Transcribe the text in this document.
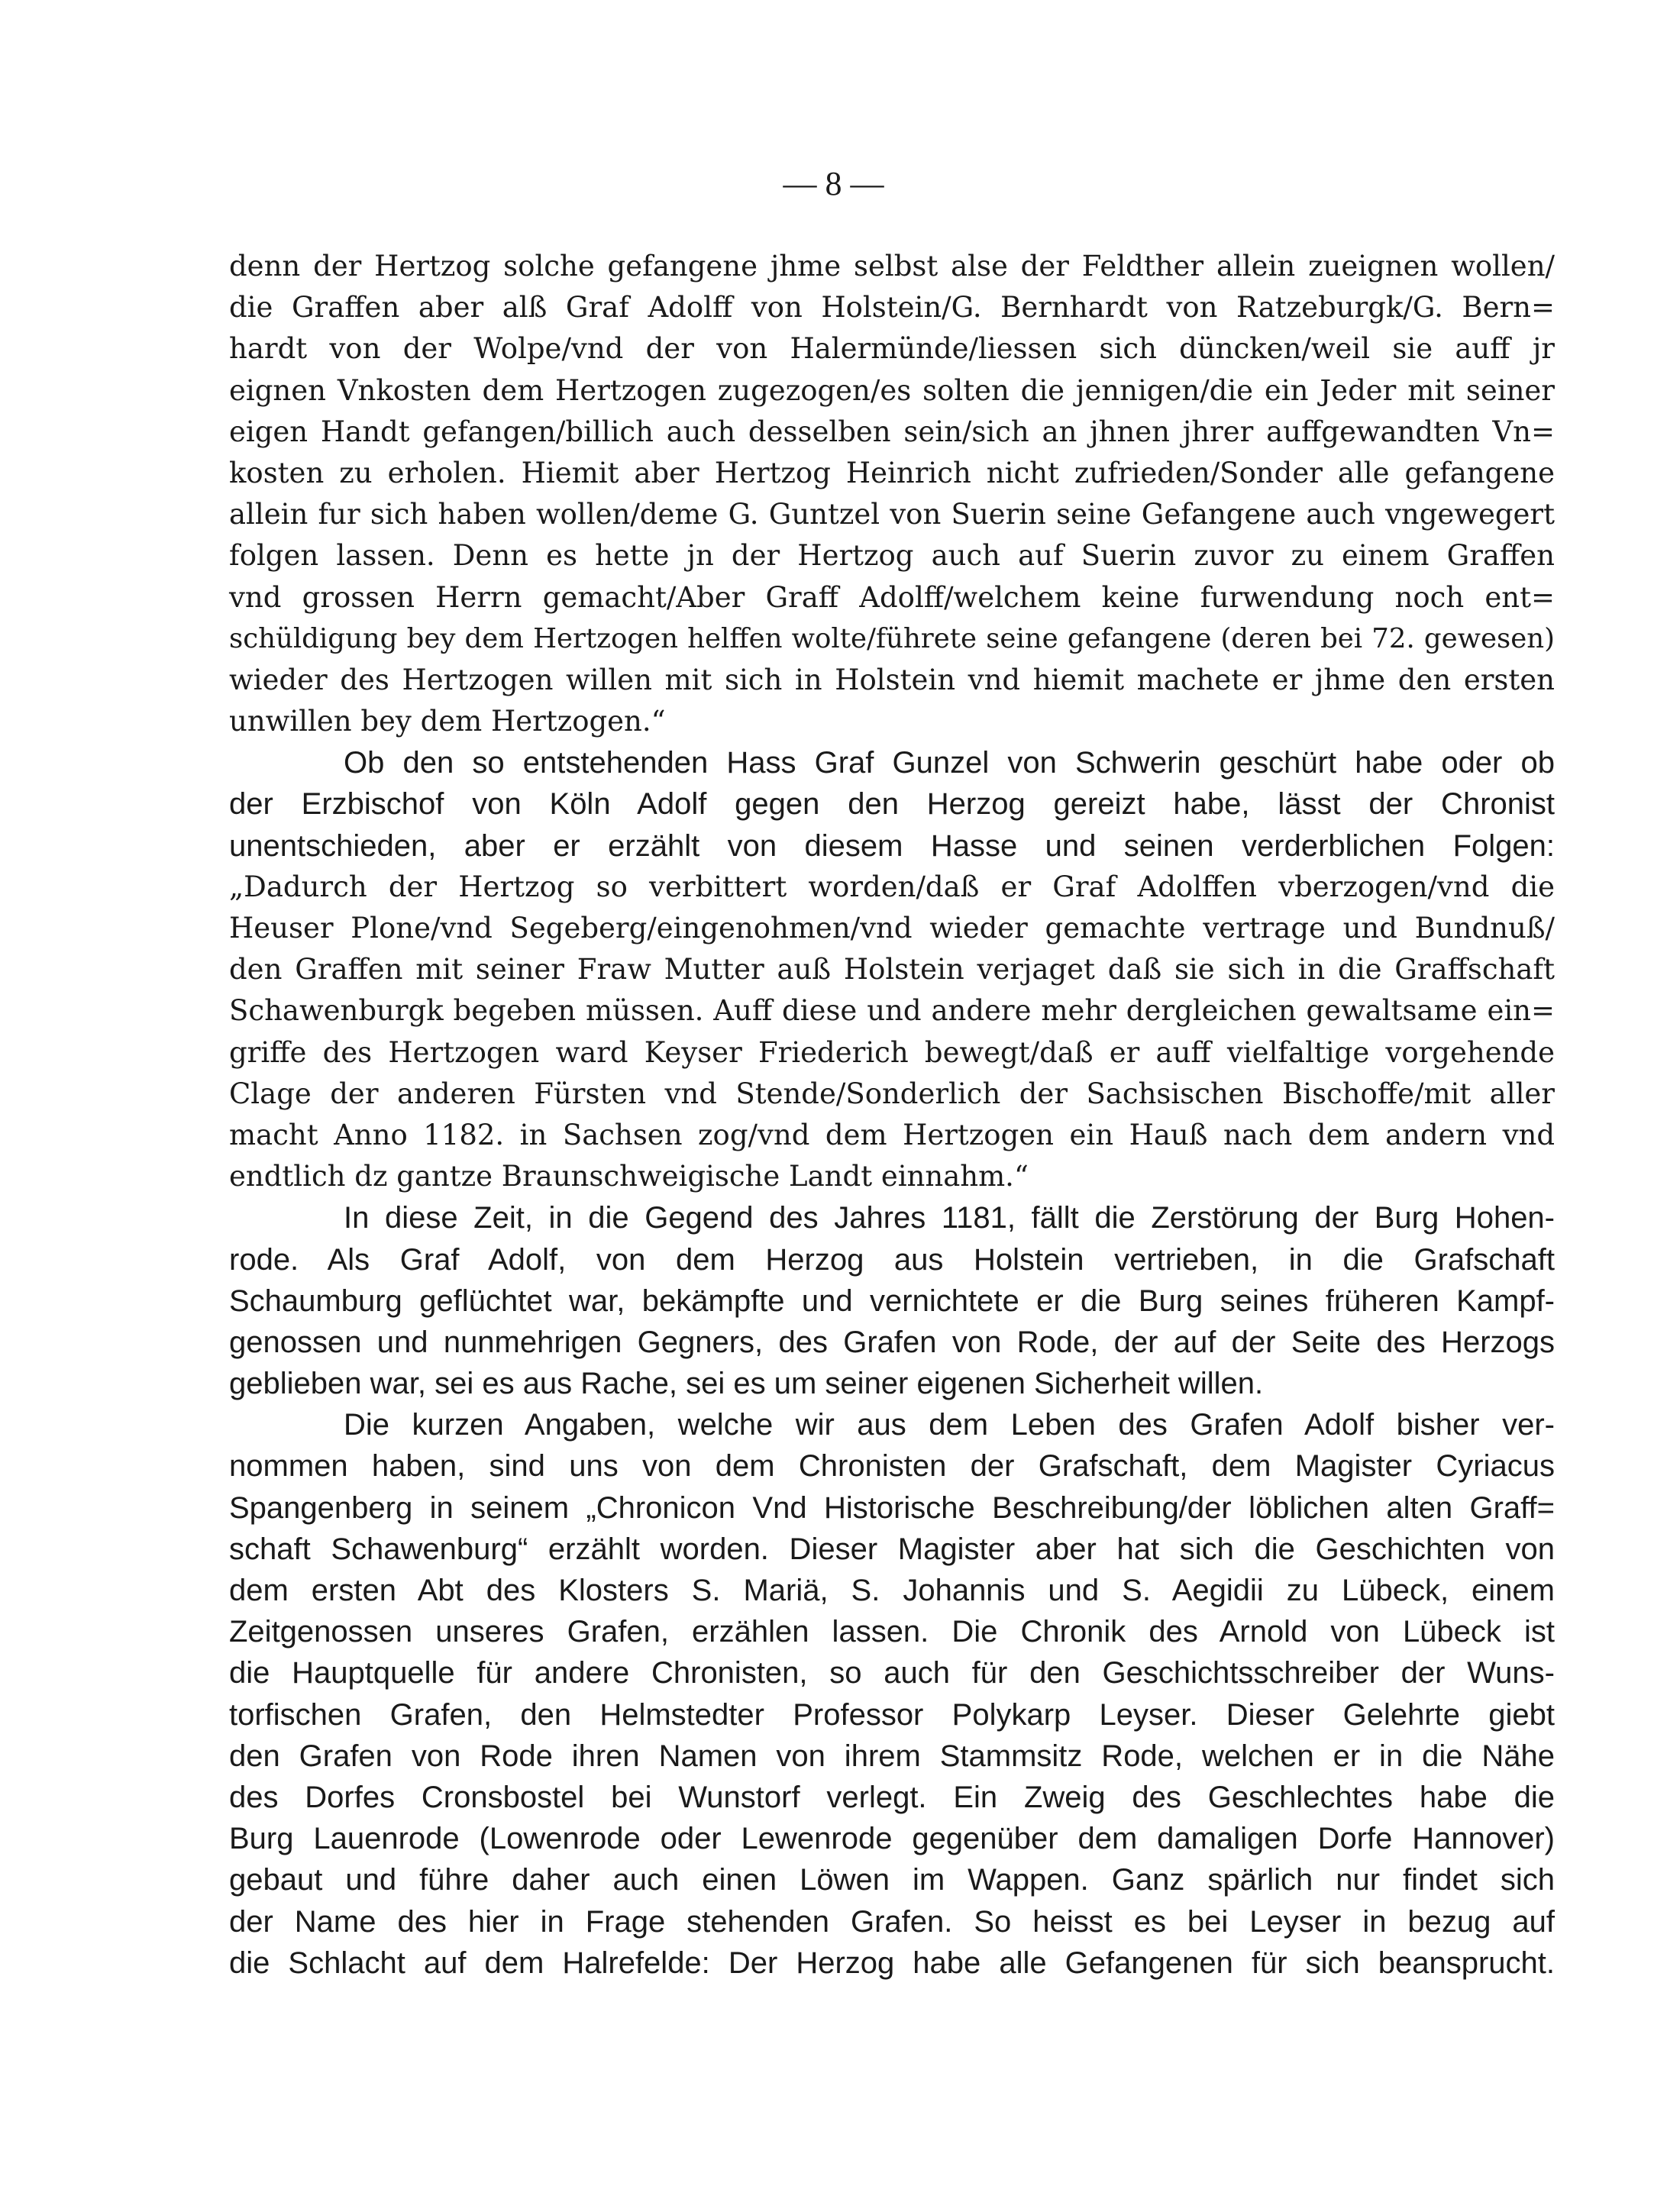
— 8 —
denn der Hertzog solche gefangene jhme selbst alse der Feldther allein zueignen wollen/
die Graffen aber alß Graf Adolff von Holstein/G. Bernhardt von Ratzeburgk/G. Bern=
hardt von der Wolpe/vnd der von Halermünde/liessen sich düncken/weil sie auff jr
eignen Vnkosten dem Hertzogen zugezogen/es solten die jennigen/die ein Jeder mit seiner
eigen Handt gefangen/billich auch desselben sein/sich an jhnen jhrer auffgewandten Vn=
kosten zu erholen. Hiemit aber Hertzog Heinrich nicht zufrieden/Sonder alle gefangene
allein fur sich haben wollen/deme G. Guntzel von Suerin seine Gefangene auch vngewegert
folgen lassen. Denn es hette jn der Hertzog auch auf Suerin zuvor zu einem Graffen
vnd grossen Herrn gemacht/Aber Graff Adolff/welchem keine furwendung noch ent=
schüldigung bey dem Hertzogen helffen wolte/führete seine gefangene (deren bei 72. gewesen)
wieder des Hertzogen willen mit sich in Holstein vnd hiemit machete er jhme den ersten
unwillen bey dem Hertzogen.“
Ob den so entstehenden Hass Graf Gunzel von Schwerin geschürt habe oder ob
der Erzbischof von Köln Adolf gegen den Herzog gereizt habe, lässt der Chronist
unentschieden, aber er erzählt von diesem Hasse und seinen verderblichen Folgen:
„Dadurch der Hertzog so verbittert worden/daß er Graf Adolffen vberzogen/vnd die
Heuser Plone/vnd Segeberg/eingenohmen/vnd wieder gemachte vertrage und Bundnuß/
den Graffen mit seiner Fraw Mutter auß Holstein verjaget daß sie sich in die Graffschaft
Schawenburgk begeben müssen. Auff diese und andere mehr dergleichen gewaltsame ein=
griffe des Hertzogen ward Keyser Friederich bewegt/daß er auff vielfaltige vorgehende
Clage der anderen Fürsten vnd Stende/Sonderlich der Sachsischen Bischoffe/mit aller
macht Anno 1182. in Sachsen zog/vnd dem Hertzogen ein Hauß nach dem andern vnd
endtlich dz gantze Braunschweigische Landt einnahm.“
In diese Zeit, in die Gegend des Jahres 1181, fällt die Zerstörung der Burg Hohen-
rode. Als Graf Adolf, von dem Herzog aus Holstein vertrieben, in die Grafschaft
Schaumburg geflüchtet war, bekämpfte und vernichtete er die Burg seines früheren Kampf-
genossen und nunmehrigen Gegners, des Grafen von Rode, der auf der Seite des Herzogs
geblieben war, sei es aus Rache, sei es um seiner eigenen Sicherheit willen.
Die kurzen Angaben, welche wir aus dem Leben des Grafen Adolf bisher ver-
nommen haben, sind uns von dem Chronisten der Grafschaft, dem Magister Cyriacus
Spangenberg in seinem „Chronicon Vnd Historische Beschreibung/der löblichen alten Graff=
schaft Schawenburg“ erzählt worden. Dieser Magister aber hat sich die Geschichten von
dem ersten Abt des Klosters S. Mariä, S. Johannis und S. Aegidii zu Lübeck, einem
Zeitgenossen unseres Grafen, erzählen lassen. Die Chronik des Arnold von Lübeck ist
die Hauptquelle für andere Chronisten, so auch für den Geschichtsschreiber der Wuns-
torfischen Grafen, den Helmstedter Professor Polykarp Leyser. Dieser Gelehrte giebt
den Grafen von Rode ihren Namen von ihrem Stammsitz Rode, welchen er in die Nähe
des Dorfes Cronsbostel bei Wunstorf verlegt. Ein Zweig des Geschlechtes habe die
Burg Lauenrode (Lowenrode oder Lewenrode gegenüber dem damaligen Dorfe Hannover)
gebaut und führe daher auch einen Löwen im Wappen. Ganz spärlich nur findet sich
der Name des hier in Frage stehenden Grafen. So heisst es bei Leyser in bezug auf
die Schlacht auf dem Halrefelde: Der Herzog habe alle Gefangenen für sich beansprucht.
